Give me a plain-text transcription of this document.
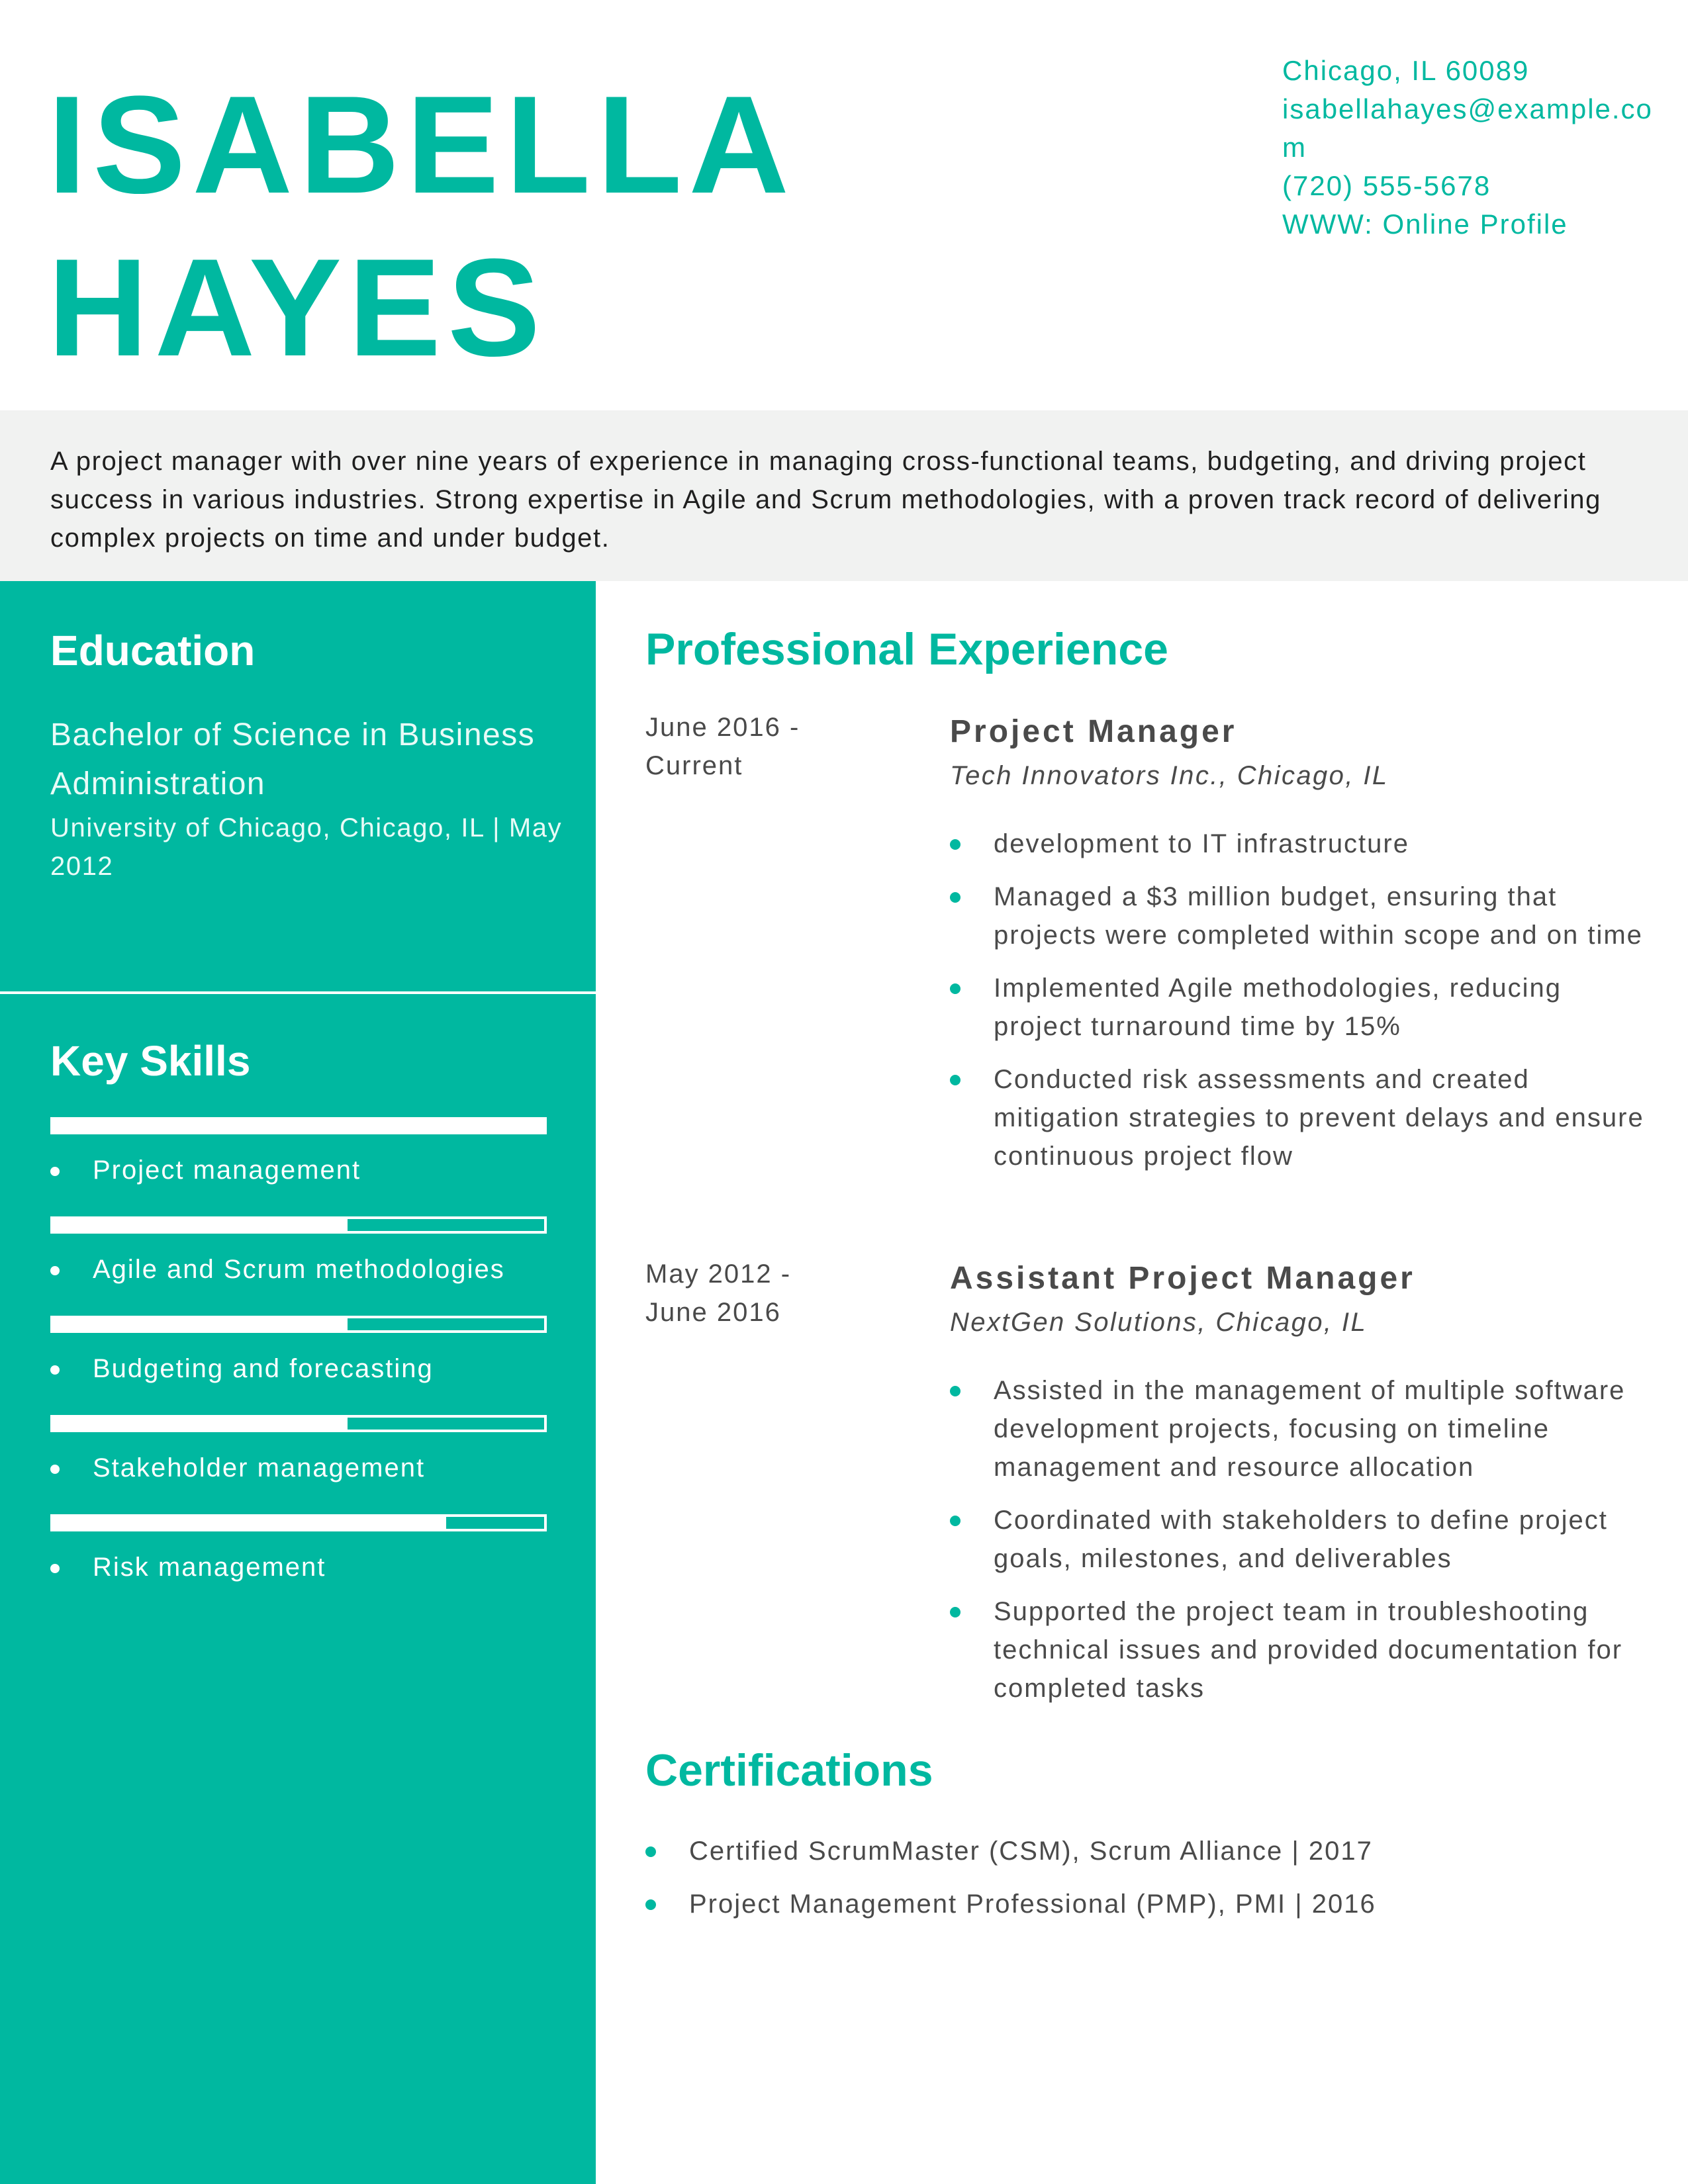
ISABELLA
HAYES
Chicago, IL 60089
isabellahayes@example.com
(720) 555-5678
WWW: Online Profile

A project manager with over nine years of experience in managing cross-functional teams, budgeting, and driving project success in various industries. Strong expertise in Agile and Scrum methodologies, with a proven track record of delivering complex projects on time and under budget.

Education
Bachelor of Science in Business Administration
University of Chicago, Chicago, IL | May 2012
Key Skills
Project management
Agile and Scrum methodologies
Budgeting and forecasting
Stakeholder management
Risk management
Professional Experience
June 2016 - Current
Project Manager
Tech Innovators Inc., Chicago, IL
development to IT infrastructure
Managed a $3 million budget, ensuring that projects were completed within scope and on time
Implemented Agile methodologies, reducing project turnaround time by 15%
Conducted risk assessments and created mitigation strategies to prevent delays and ensure continuous project flow
May 2012 - June 2016
Assistant Project Manager
NextGen Solutions, Chicago, IL
Assisted in the management of multiple software development projects, focusing on timeline management and resource allocation
Coordinated with stakeholders to define project goals, milestones, and deliverables
Supported the project team in troubleshooting technical issues and provided documentation for completed tasks
Certifications
Certified ScrumMaster (CSM), Scrum Alliance | 2017
Project Management Professional (PMP), PMI | 2016
